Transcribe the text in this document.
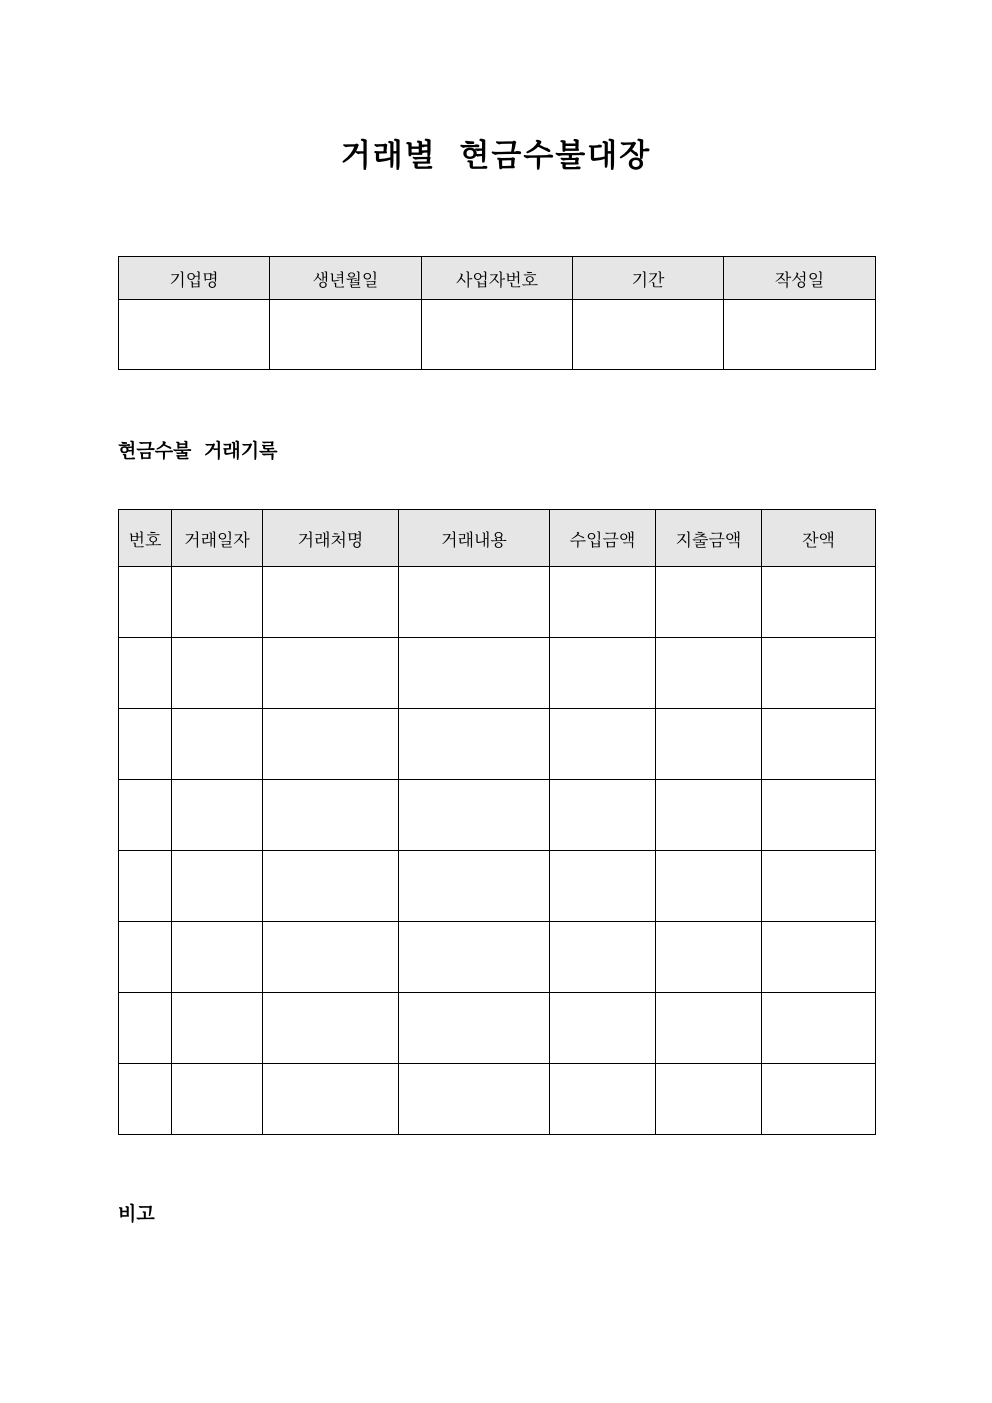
거래별 현금수불대장
기업명	생년월일	사업자번호	기간	작성일

현금수불 거래기록
번호	거래일자	거래처명	거래내용	수입금액	지출금액	잔액

비고
